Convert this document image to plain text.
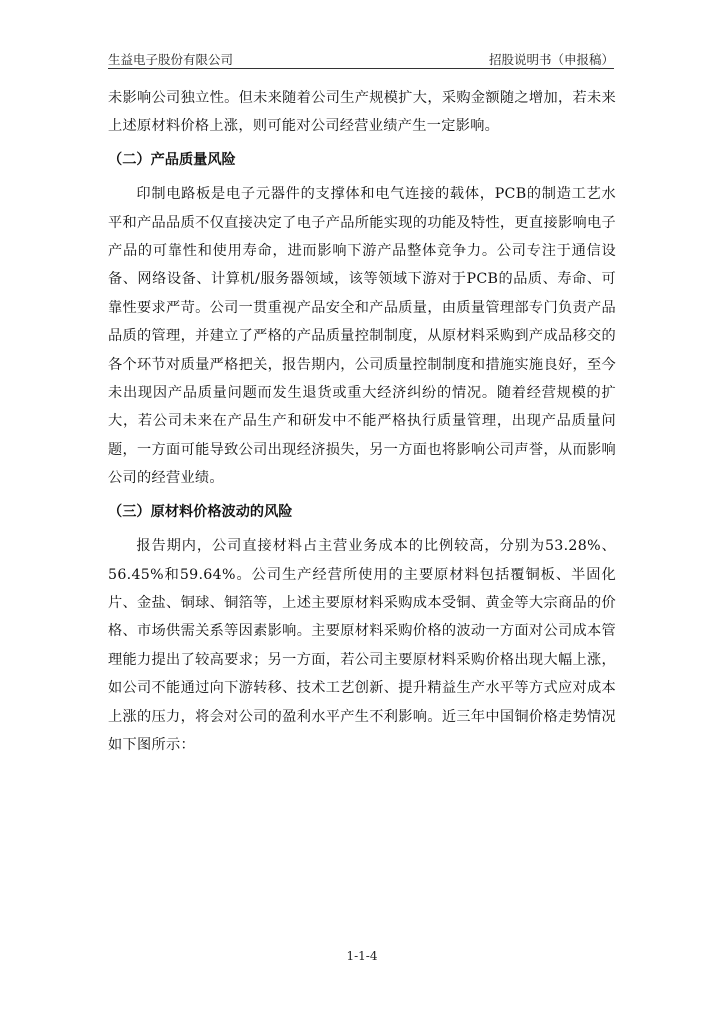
生益电子股份有限公司	招股说明书（申报稿）

未影响公司独立性。但未来随着公司生产规模扩大，采购金额随之增加，若未来上述原材料价格上涨，则可能对公司经营业绩产生一定影响。

（二）产品质量风险

印制电路板是电子元器件的支撑体和电气连接的载体，PCB的制造工艺水平和产品品质不仅直接决定了电子产品所能实现的功能及特性，更直接影响电子产品的可靠性和使用寿命，进而影响下游产品整体竞争力。公司专注于通信设备、网络设备、计算机/服务器领域，该等领域下游对于PCB的品质、寿命、可靠性要求严苛。公司一贯重视产品安全和产品质量，由质量管理部专门负责产品品质的管理，并建立了严格的产品质量控制制度，从原材料采购到产成品移交的各个环节对质量严格把关，报告期内，公司质量控制制度和措施实施良好，至今未出现因产品质量问题而发生退货或重大经济纠纷的情况。随着经营规模的扩大，若公司未来在产品生产和研发中不能严格执行质量管理，出现产品质量问题，一方面可能导致公司出现经济损失，另一方面也将影响公司声誉，从而影响公司的经营业绩。

（三）原材料价格波动的风险

报告期内，公司直接材料占主营业务成本的比例较高，分别为53.28%、56.45%和59.64%。公司生产经营所使用的主要原材料包括覆铜板、半固化片、金盐、铜球、铜箔等，上述主要原材料采购成本受铜、黄金等大宗商品的价格、市场供需关系等因素影响。主要原材料采购价格的波动一方面对公司成本管理能力提出了较高要求；另一方面，若公司主要原材料采购价格出现大幅上涨，如公司不能通过向下游转移、技术工艺创新、提升精益生产水平等方式应对成本上涨的压力，将会对公司的盈利水平产生不利影响。近三年中国铜价格走势情况如下图所示：

1-1-4
